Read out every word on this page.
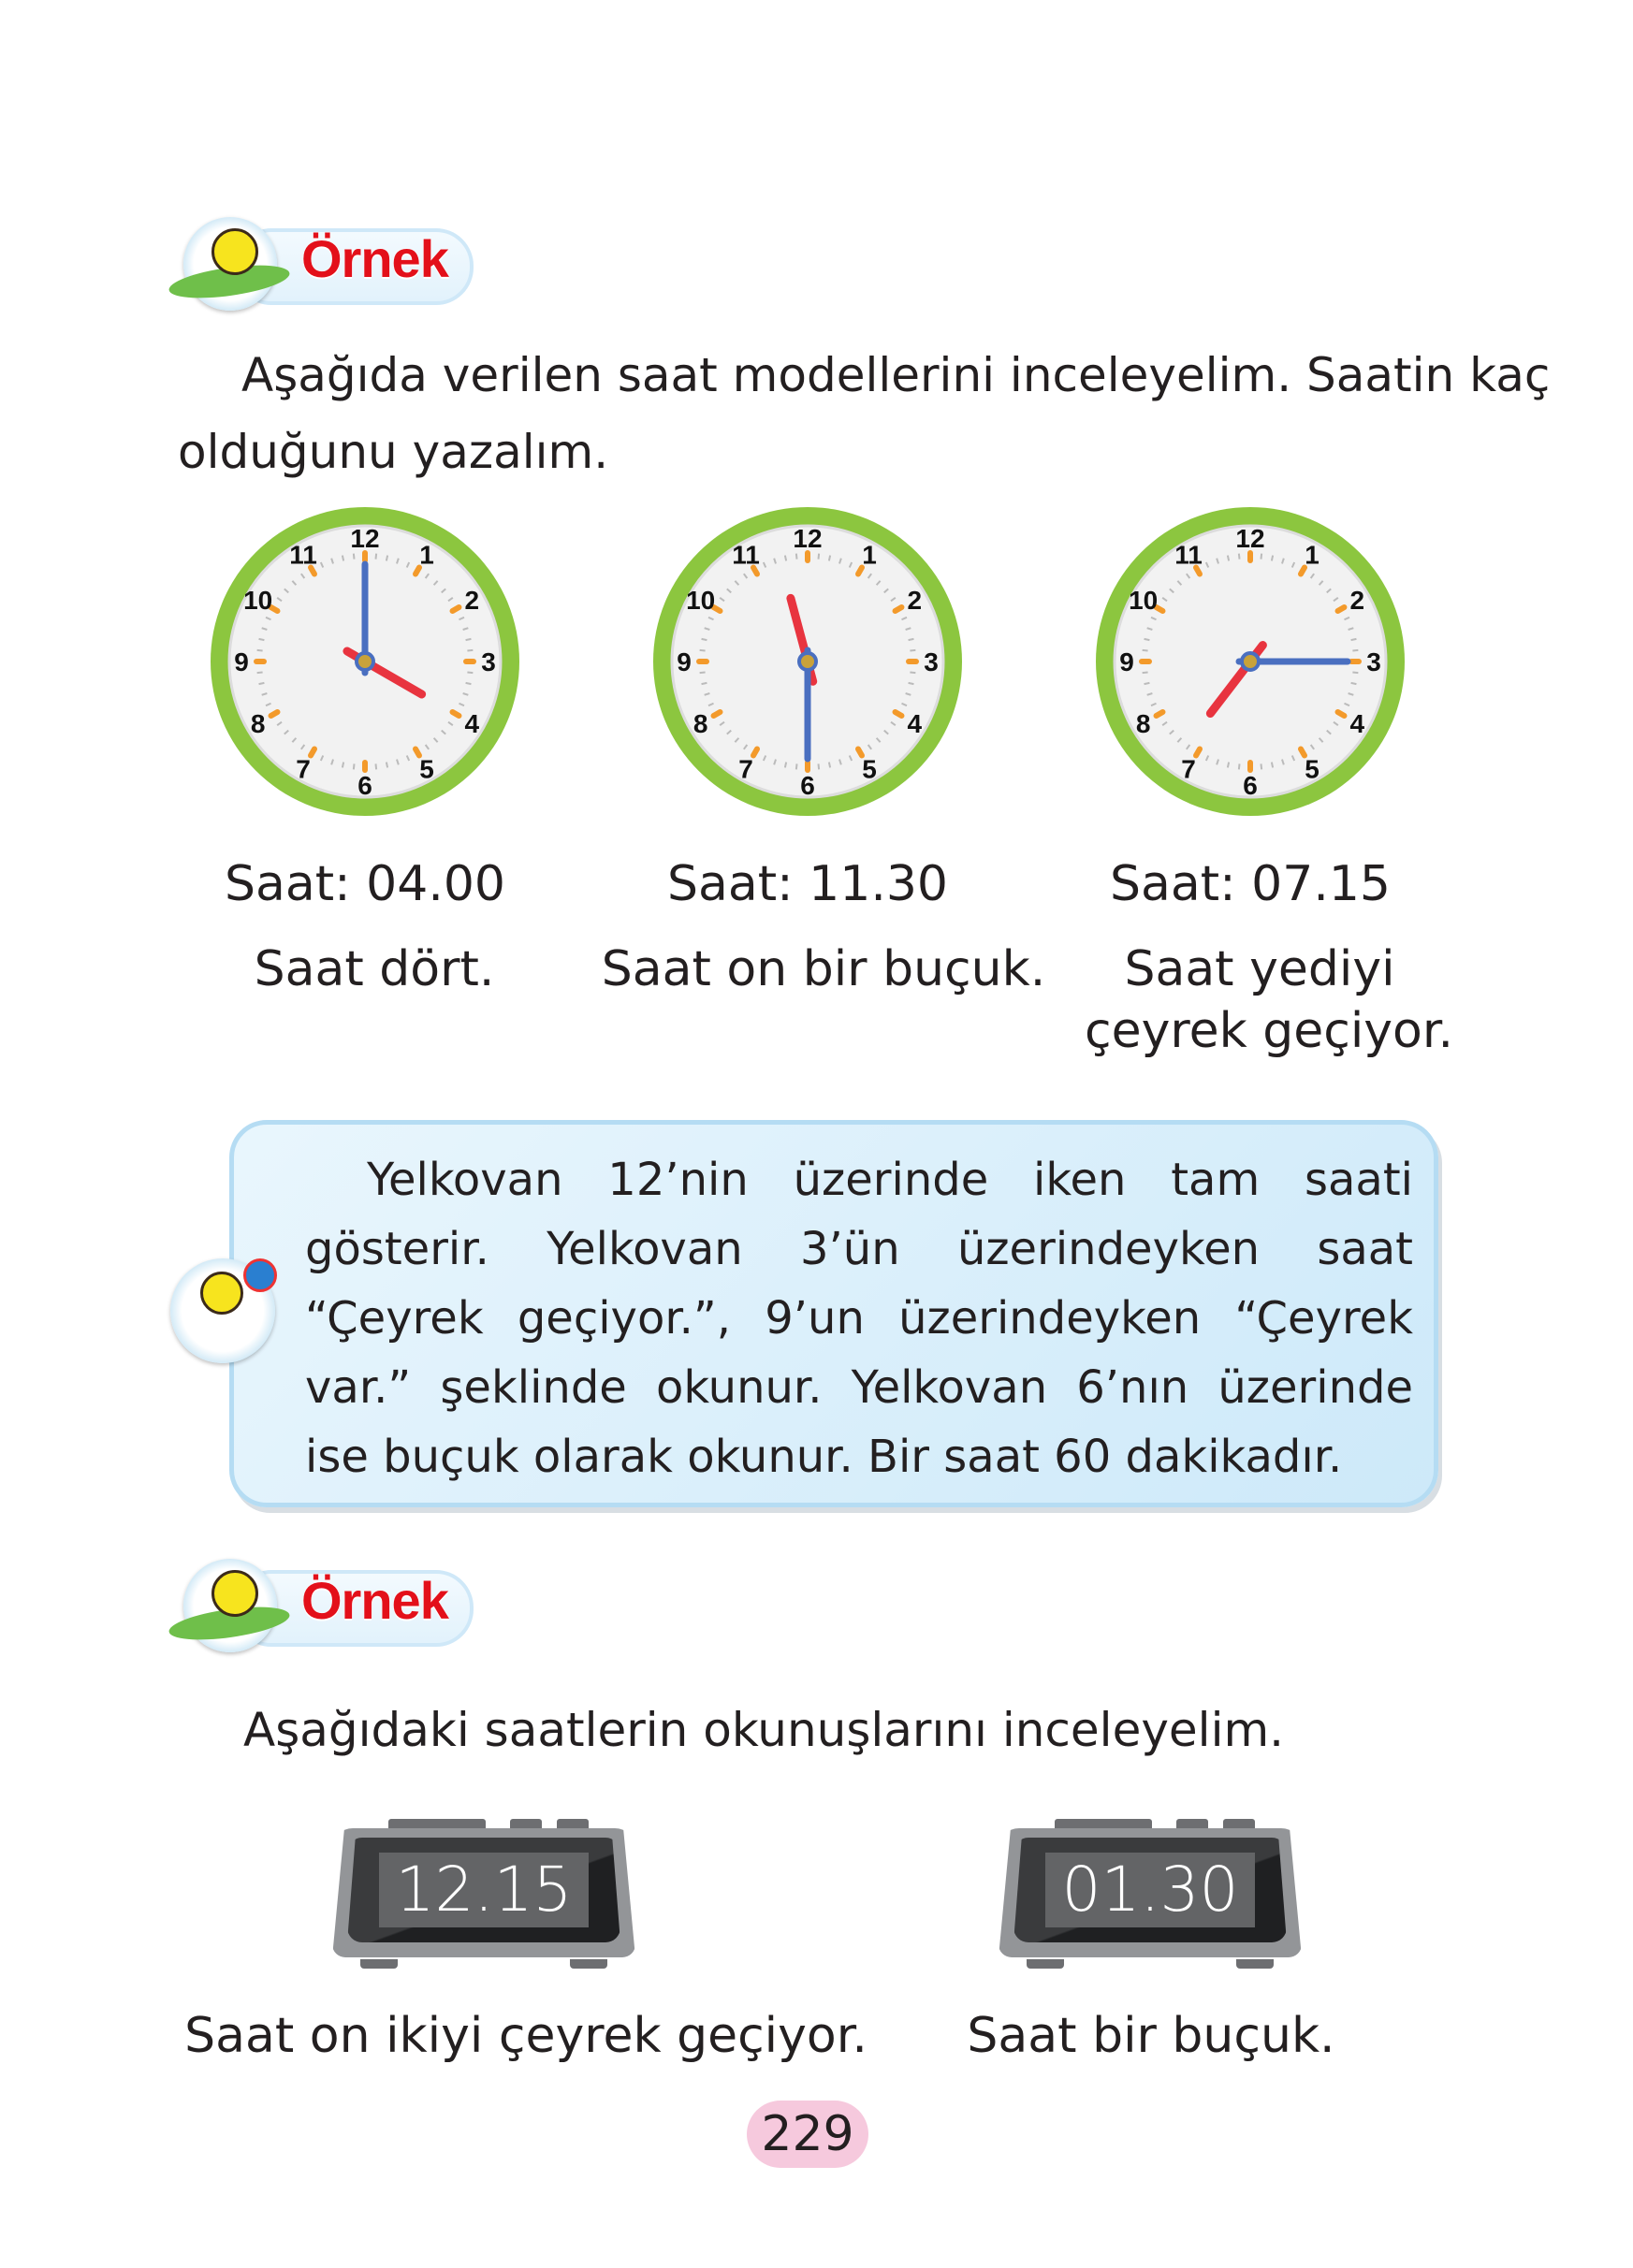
Örnek
Aşağıda verilen saat modellerini inceleyelim. Saatin kaç
olduğunu yazalım.
12
1
2
3
4
5
6
7
8
9
10
11
12
1
2
3
4
5
6
7
8
9
10
11
12
1
2
3
4
5
6
7
8
9
10
11
Saat: 04.00	Saat: 11.30	Saat: 07.15
Saat dört. Saat on bir buçuk. Saat yediyi
çeyrek geçiyor.

Yelkovan 12’nin üzerinde iken tam saati gösterir. Yelkovan 3’ün üzerindeyken saat “Çeyrek geçiyor.”, 9’un üzerindeyken “Çeyrek var.” şeklinde okunur. Yelkovan 6’nın üzerinde ise buçuk olarak okunur. Bir saat 60 dakikadır.

Örnek
Aşağıdaki saatlerin okunuşlarını inceleyelim.
12.15	01.30
Saat on ikiyi çeyrek geçiyor. Saat bir buçuk.
229
